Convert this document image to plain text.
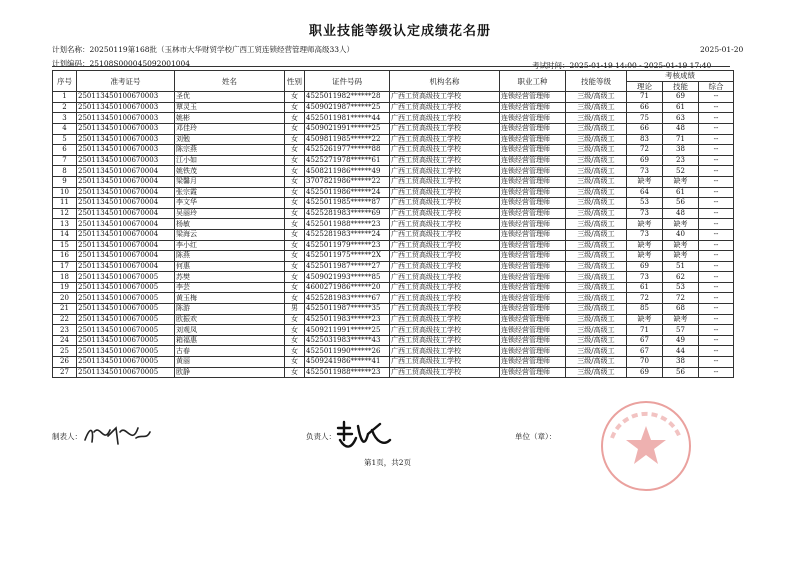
职业技能等级认定成绩花名册
2025-01-20
计划名称：20250119第168批（玉林市大华财贸学校广西工贸连锁经营管理师高级33人）
计划编码：25108S000045092001004	考试时间：2025-01-19 14:00 - 2025-01-19 17:40
序号	准考证号	姓名	性别	证件号码	机构名称	职业工种	技能等级	考核成绩		
								理论	技能	综合
1	250113450100670003	圣优	女	4525011982******28	广西工贸高级技工学校	连锁经营管理师	三级/高级工	71	69	--
2	250113450100670003	覃灵玉	女	4509021987******25	广西工贸高级技工学校	连锁经营管理师	三级/高级工	66	61	--
3	250113450100670003	姚彬	女	4525011981******44	广西工贸高级技工学校	连锁经营管理师	三级/高级工	75	63	--
4	250113450100670003	邓佳玲	女	4509021991******25	广西工贸高级技工学校	连锁经营管理师	三级/高级工	66	48	--
5	250113450100670003	刘勉	女	4509811985******22	广西工贸高级技工学校	连锁经营管理师	三级/高级工	83	71	--
6	250113450100670003	陈宗燕	女	4525261977******88	广西工贸高级技工学校	连锁经营管理师	三级/高级工	72	38	--
7	250113450100670003	江小如	女	4525271978******61	广西工贸高级技工学校	连锁经营管理师	三级/高级工	69	23	--
8	250113450100670004	姚铁茂	女	4508211986******49	广西工贸高级技工学校	连锁经营管理师	三级/高级工	73	52	--
9	250113450100670004	梁馨月	女	3707821986******22	广西工贸高级技工学校	连锁经营管理师	三级/高级工	缺考	缺考	--
10	250113450100670004	张宗霞	女	4525011986******24	广西工贸高级技工学校	连锁经营管理师	三级/高级工	64	61	--
11	250113450100670004	李文华	女	4525011985******87	广西工贸高级技工学校	连锁经营管理师	三级/高级工	53	56	--
12	250113450100670004	吴丽玲	女	4525281983******69	广西工贸高级技工学校	连锁经营管理师	三级/高级工	73	48	--
13	250113450100670004	杨敏	女	4525011988******23	广西工贸高级技工学校	连锁经营管理师	三级/高级工	缺考	缺考	--
14	250113450100670004	梁海云	女	4525281983******24	广西工贸高级技工学校	连锁经营管理师	三级/高级工	73	40	--
15	250113450100670004	李小红	女	4525011979******23	广西工贸高级技工学校	连锁经营管理师	三级/高级工	缺考	缺考	--
16	250113450100670004	陈燕	女	4525011975******2X	广西工贸高级技工学校	连锁经营管理师	三级/高级工	缺考	缺考	--
17	250113450100670004	何惠	女	4525011987******27	广西工贸高级技工学校	连锁经营管理师	三级/高级工	69	51	--
18	250113450100670005	苏樊	女	4509021993******85	广西工贸高级技工学校	连锁经营管理师	三级/高级工	73	62	--
19	250113450100670005	李芸	女	4600271986******20	广西工贸高级技工学校	连锁经营管理师	三级/高级工	61	53	--
20	250113450100670005	黄玉梅	女	4525281983******67	广西工贸高级技工学校	连锁经营管理师	三级/高级工	72	72	--
21	250113450100670005	陈游	男	4525011987******35	广西工贸高级技工学校	连锁经营管理师	三级/高级工	85	68	--
22	250113450100670005	欧振欢	女	4525011983******23	广西工贸高级技工学校	连锁经营管理师	三级/高级工	缺考	缺考	--
23	250113450100670005	刘观凤	女	4509211991******25	广西工贸高级技工学校	连锁经营管理师	三级/高级工	71	57	--
24	250113450100670005	箱福惠	女	4525031983******43	广西工贸高级技工学校	连锁经营管理师	三级/高级工	67	49	--
25	250113450100670005	古春	女	4525011990******26	广西工贸高级技工学校	连锁经营管理师	三级/高级工	67	44	--
26	250113450100670005	黄丽	女	4509241986******41	广西工贸高级技工学校	连锁经营管理师	三级/高级工	70	38	--
27	250113450100670005	欧静	女	4525011988******23	广西工贸高级技工学校	连锁经营管理师	三级/高级工	69	56	--
制表人：	负责人：	单位（章）：
第1页，共2页
